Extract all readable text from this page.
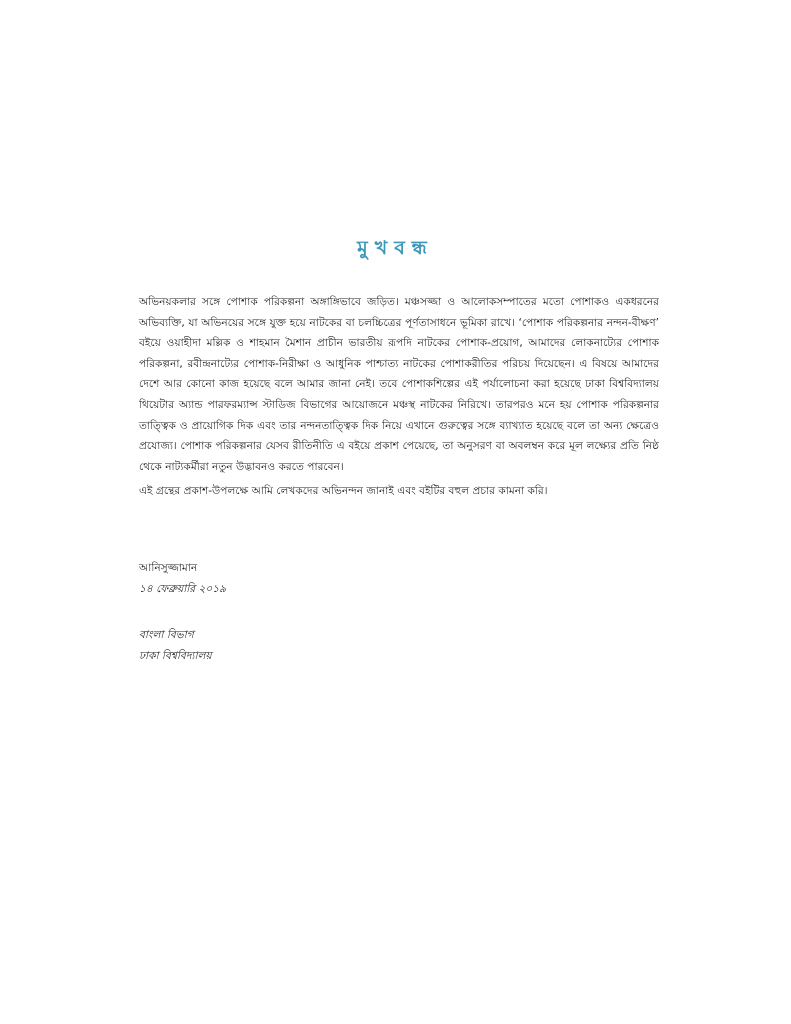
মুখবন্ধ

অভিনয়কলার সঙ্গে পোশাক পরিকল্পনা অঙ্গাঙ্গিভাবে জড়িত। মঞ্চসজ্জা ও আলোকসম্পাতের মতো পোশাকও একধরনের অভিব্যক্তি, যা অভিনয়ের সঙ্গে যুক্ত হয়ে নাটকের বা চলচ্চিত্রের পূর্ণতাসাধনে ভূমিকা রাখে। ‘পোশাক পরিকল্পনার নন্দন-বীক্ষণ’ বইয়ে ওয়াহীদা মল্লিক ও শাহমান মৈশান প্রাচীন ভারতীয় রূপদি নাটকের পোশাক-প্রয়োগ, আমাদের লোকনাট্যের পোশাক পরিকল্পনা, রবীন্দ্রনাট্যের পোশাক-নিরীক্ষা ও আধুনিক পাশ্চাত্য নাটকের পোশাকরীতির পরিচয় দিয়েছেন। এ বিষয়ে আমাদের দেশে আর কোনো কাজ হয়েছে বলে আমার জানা নেই। তবে পোশাকশিল্পের এই পর্যালোচনা করা হয়েছে ঢাকা বিশ্ববিদ্যালয় থিয়েটার অ্যান্ড পারফরম্যান্স স্টাডিজ বিভাগের আয়োজনে মঞ্চস্থ নাটকের নিরিখে। তারপরও মনে হয় পোশাক পরিকল্পনার তাত্ত্বিক ও প্রায়োগিক দিক এবং তার নন্দনতাত্ত্বিক দিক নিয়ে এখানে গুরুত্বের সঙ্গে ব্যাখ্যাত হয়েছে বলে তা অন্য ক্ষেত্রেও প্রযোজ্য। পোশাক পরিকল্পনার যেসব রীতিনীতি এ বইয়ে প্রকাশ পেয়েছে, তা অনুসরণ বা অবলম্বন করে মূল লক্ষ্যের প্রতি নিষ্ঠ থেকে নাট্যকর্মীরা নতুন উদ্ভাবনও করতে পারবেন।

এই গ্রন্থের প্রকাশ-উপলক্ষে আমি লেখকদের অভিনন্দন জানাই এবং বইটির বহুল প্রচার কামনা করি।

আনিসুজ্জামান
১৪ ফেব্রুয়ারি ২০১৯
বাংলা বিভাগ
ঢাকা বিশ্ববিদ্যালয়
